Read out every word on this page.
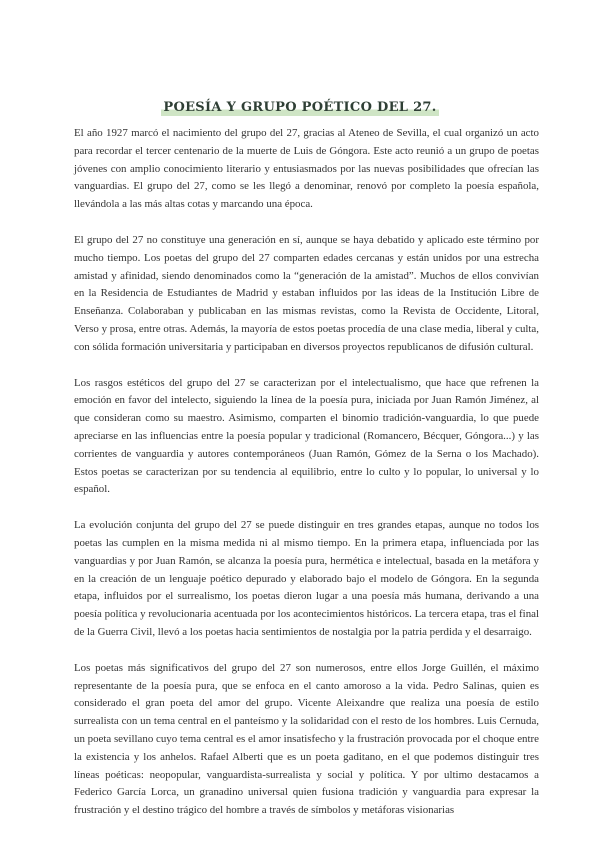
POESÍA Y GRUPO POÉTICO DEL 27.

El año 1927 marcó el nacimiento del grupo del 27, gracias al Ateneo de Sevilla, el cual organizó un acto para recordar el tercer centenario de la muerte de Luis de Góngora. Este acto reunió a un grupo de poetas jóvenes con amplio conocimiento literario y entusiasmados por las nuevas posibilidades que ofrecían las vanguardias. El grupo del 27, como se les llegó a denominar, renovó por completo la poesía española, llevándola a las más altas cotas y marcando una época.

El grupo del 27 no constituye una generación en sí, aunque se haya debatido y aplicado este término por mucho tiempo. Los poetas del grupo del 27 comparten edades cercanas y están unidos por una estrecha amistad y afinidad, siendo denominados como la “generación de la amistad”. Muchos de ellos convivían en la Residencia de Estudiantes de Madrid y estaban influidos por las ideas de la Institución Libre de Enseñanza. Colaboraban y publicaban en las mismas revistas, como la Revista de Occidente, Litoral, Verso y prosa, entre otras. Además, la mayoría de estos poetas procedía de una clase media, liberal y culta, con sólida formación universitaria y participaban en diversos proyectos republicanos de difusión cultural.

Los rasgos estéticos del grupo del 27 se caracterizan por el intelectualismo, que hace que refrenen la emoción en favor del intelecto, siguiendo la línea de la poesía pura, iniciada por Juan Ramón Jiménez, al que consideran como su maestro. Asimismo, comparten el binomio tradición-vanguardia, lo que puede apreciarse en las influencias entre la poesía popular y tradicional (Romancero, Bécquer, Góngora...) y las corrientes de vanguardia y autores contemporáneos (Juan Ramón, Gómez de la Serna o los Machado). Estos poetas se caracterizan por su tendencia al equilibrio, entre lo culto y lo popular, lo universal y lo español.

La evolución conjunta del grupo del 27 se puede distinguir en tres grandes etapas, aunque no todos los poetas las cumplen en la misma medida ni al mismo tiempo. En la primera etapa, influenciada por las vanguardias y por Juan Ramón, se alcanza la poesía pura, hermética e intelectual, basada en la metáfora y en la creación de un lenguaje poético depurado y elaborado bajo el modelo de Góngora. En la segunda etapa, influidos por el surrealismo, los poetas dieron lugar a una poesía más humana, derivando a una poesía política y revolucionaria acentuada por los acontecimientos históricos. La tercera etapa, tras el final de la Guerra Civil, llevó a los poetas hacia sentimientos de nostalgia por la patria perdida y el desarraigo.

Los poetas más significativos del grupo del 27 son numerosos, entre ellos Jorge Guillén, el máximo representante de la poesía pura, que se enfoca en el canto amoroso a la vida. Pedro Salinas, quien es considerado el gran poeta del amor del grupo. Vicente Aleixandre que realiza una poesía de estilo surrealista con un tema central en el panteísmo y la solidaridad con el resto de los hombres. Luis Cernuda, un poeta sevillano cuyo tema central es el amor insatisfecho y la frustración provocada por el choque entre la existencia y los anhelos. Rafael Alberti que es un poeta gaditano, en el que podemos distinguir tres líneas poéticas: neopopular, vanguardista-surrealista y social y política. Y por ultimo destacamos a Federico García Lorca, un granadino universal quien fusiona tradición y vanguardia para expresar la frustración y el destino trágico del hombre a través de símbolos y metáforas visionarias
